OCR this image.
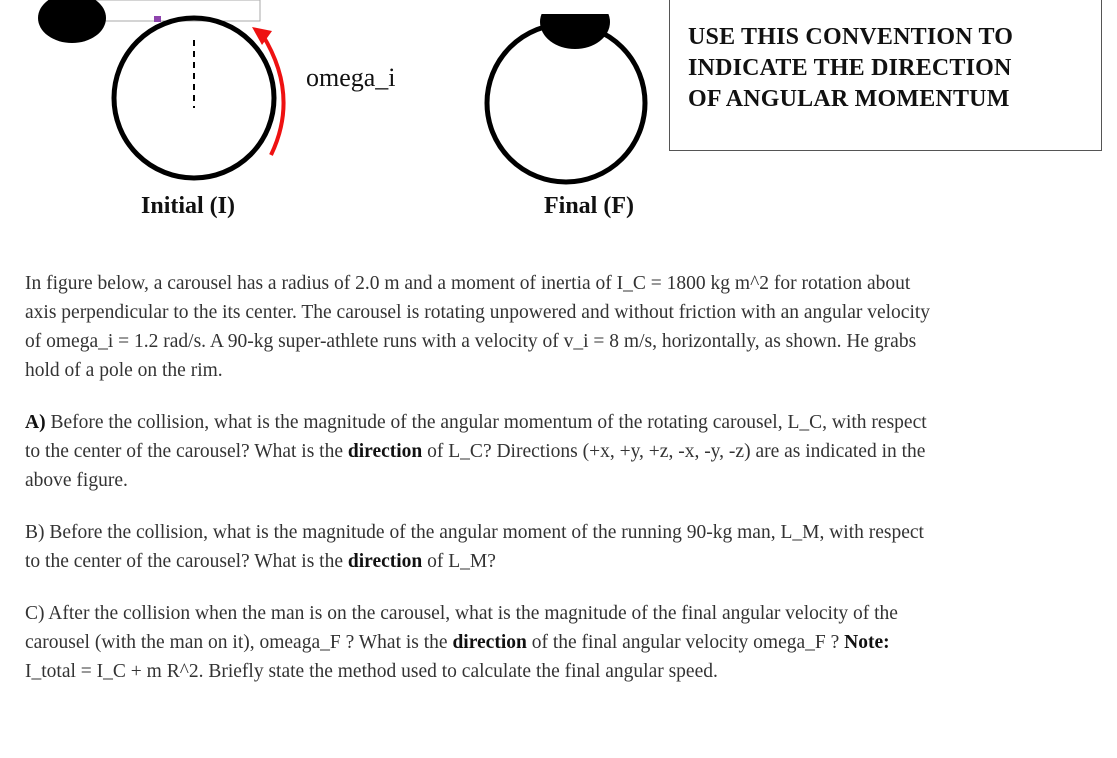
omega_i
Initial (I)	Final (F)
USE THIS CONVENTION TO
INDICATE THE DIRECTION
OF ANGULAR MOMENTUM

In figure below, a carousel has a radius of 2.0 m and a moment of inertia of I_C = 1800 kg m^2 for rotation about axis perpendicular to the its center. The carousel is rotating unpowered and without friction with an angular velocity of omega_i = 1.2 rad/s. A 90-kg super-athlete runs with a velocity of v_i = 8 m/s, horizontally, as shown. He grabs hold of a pole on the rim.

A) Before the collision, what is the magnitude of the angular momentum of the rotating carousel, L_C, with respect to the center of the carousel? What is the direction of L_C? Directions (+x, +y, +z, -x, -y, -z) are as indicated in the above figure.

B) Before the collision, what is the magnitude of the angular moment of the running 90-kg man, L_M, with respect to the center of the carousel? What is the direction of L_M?

C) After the collision when the man is on the carousel, what is the magnitude of the final angular velocity of the carousel (with the man on it), omeaga_F ? What is the direction of the final angular velocity omega_F ? Note: I_total = I_C + m R^2. Briefly state the method used to calculate the final angular speed.
